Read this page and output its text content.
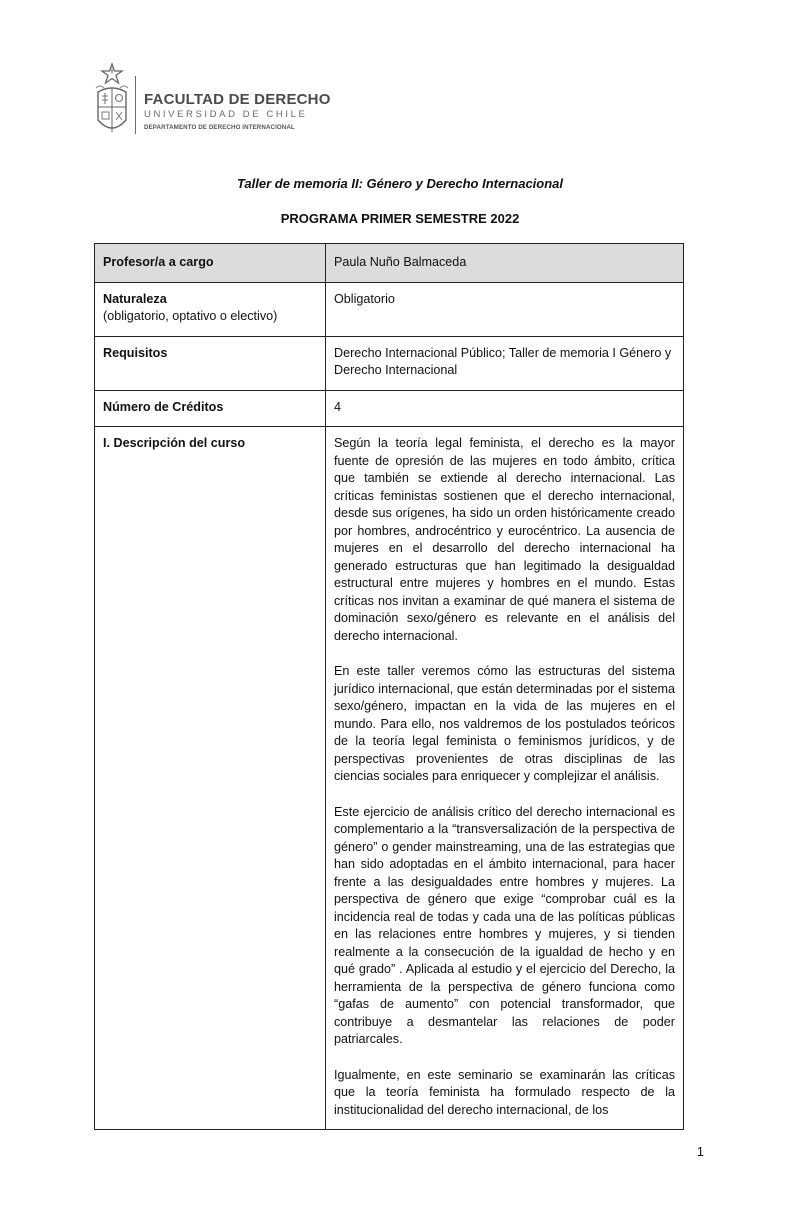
FACULTAD DE DERECHO
UNIVERSIDAD DE CHILE
DEPARTAMENTO DE DERECHO INTERNACIONAL
Taller de memoria II: Género y Derecho Internacional
PROGRAMA PRIMER SEMESTRE 2022
Profesor/a a cargo	Paula Nuño Balmaceda

Naturaleza
(obligatorio, optativo o electivo)	Obligatorio
Requisitos	Derecho Internacional Público; Taller de memoria I Género y Derecho Internacional
Número de Créditos	4
I. Descripción del curso	Según la teoría legal feminista, el derecho es la mayor fuente de opresión de las mujeres en todo ámbito, crítica que también se extiende al derecho internacional. Las críticas feministas sostienen que el derecho internacional, desde sus orígenes, ha sido un orden históricamente creado por hombres, androcéntrico y eurocéntrico. La ausencia de mujeres en el desarrollo del derecho internacional ha generado estructuras que han legitimado la desigualdad estructural entre mujeres y hombres en el mundo. Estas críticas nos invitan a examinar de qué manera el sistema de dominación sexo/género es relevante en el análisis del derecho internacional.

En este taller veremos cómo las estructuras del sistema jurídico internacional, que están determinadas por el sistema sexo/género, impactan en la vida de las mujeres en el mundo. Para ello, nos valdremos de los postulados teóricos de la teoría legal feminista o feminismos jurídicos, y de perspectivas provenientes de otras disciplinas de las ciencias sociales para enriquecer y complejizar el análisis.

Este ejercicio de análisis crítico del derecho internacional es complementario a la “transversalización de la perspectiva de género” o gender mainstreaming, una de las estrategias que han sido adoptadas en el ámbito internacional, para hacer frente a las desigualdades entre hombres y mujeres. La perspectiva de género que exige “comprobar cuál es la incidencia real de todas y cada una de las políticas públicas en las relaciones entre hombres y mujeres, y si tienden realmente a la consecución de la igualdad de hecho y en qué grado” . Aplicada al estudio y el ejercicio del Derecho, la herramienta de la perspectiva de género funciona como “gafas de aumento” con potencial transformador, que contribuye a desmantelar las relaciones de poder patriarcales.

Igualmente, en este seminario se examinarán las críticas que la teoría feminista ha formulado respecto de la institucionalidad del derecho internacional, de los

1
